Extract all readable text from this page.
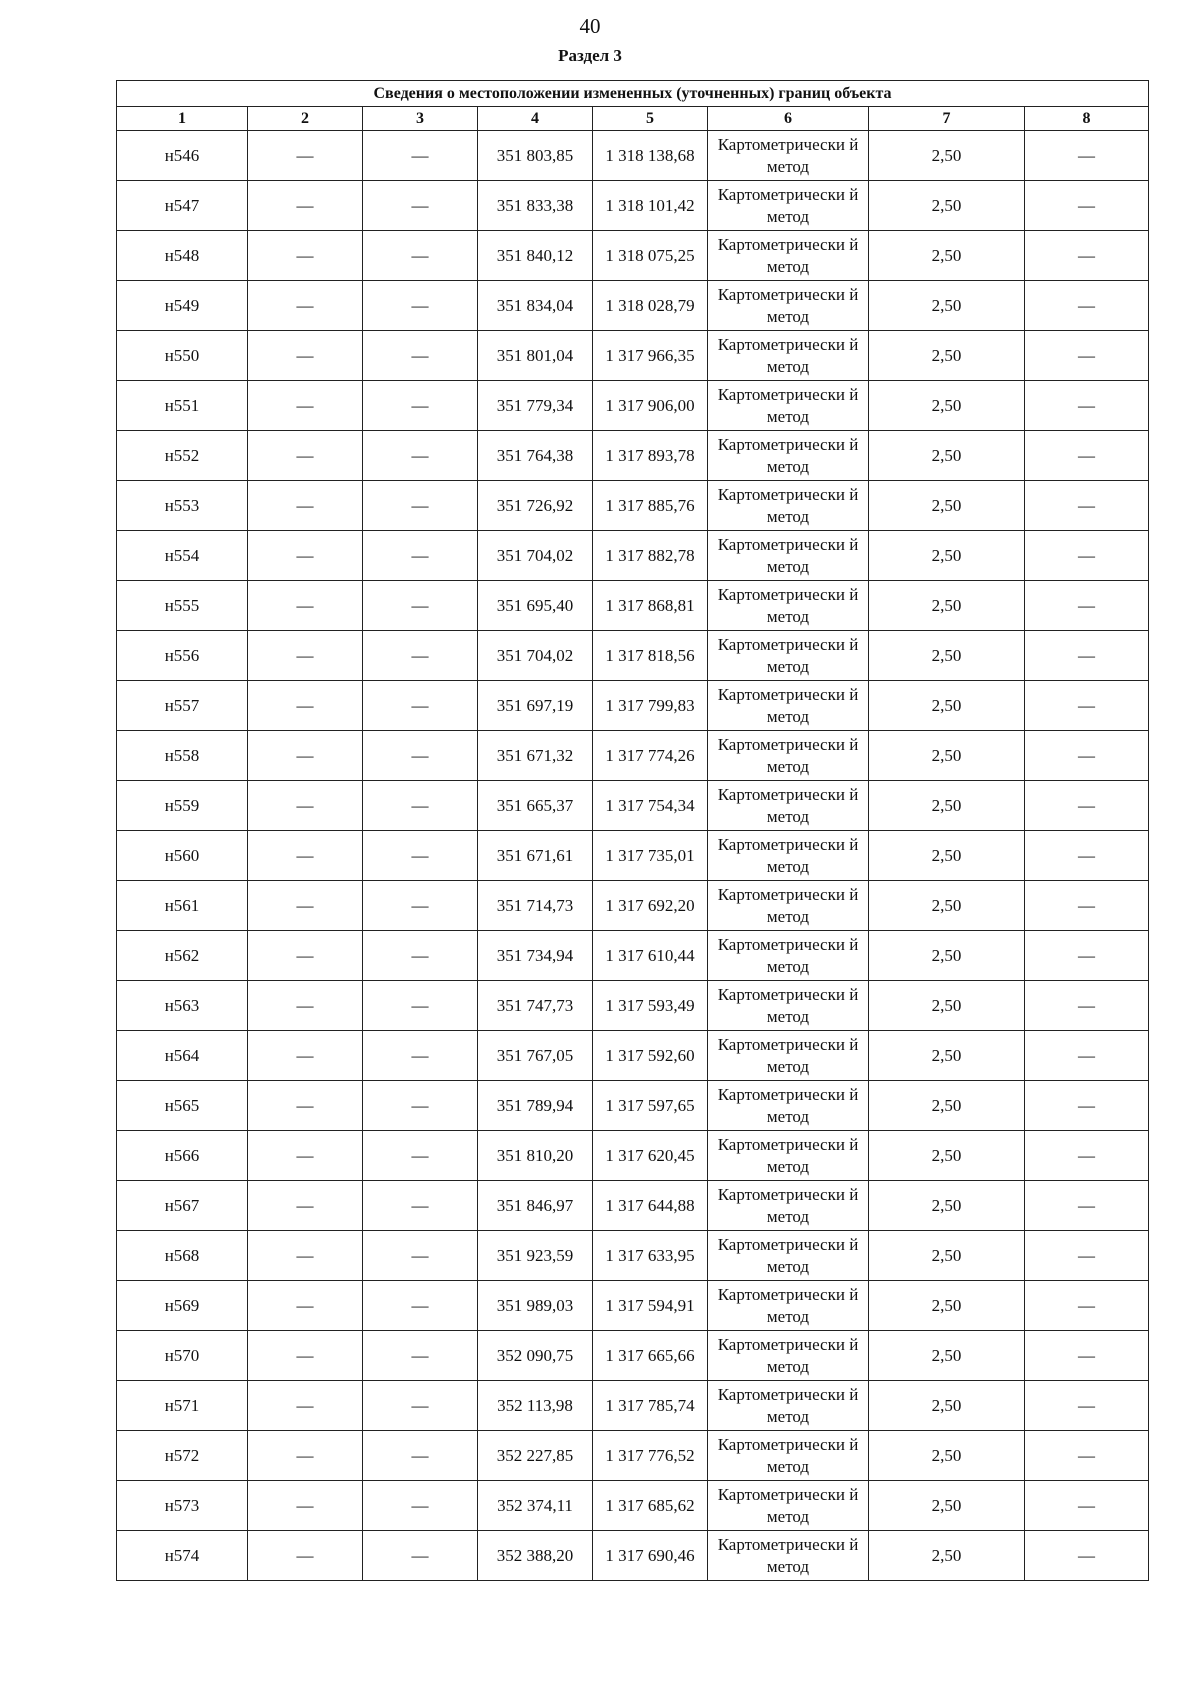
40
Раздел 3
Сведения о местоположении измененных (уточненных) границ объекта							
1	2	3	4	5	6	7	8
н546	—	—	351 803,85	1 318 138,68	Картометрически й метод	2,50	—
н547	—	—	351 833,38	1 318 101,42	Картометрически й метод	2,50	—
н548	—	—	351 840,12	1 318 075,25	Картометрически й метод	2,50	—
н549	—	—	351 834,04	1 318 028,79	Картометрически й метод	2,50	—
н550	—	—	351 801,04	1 317 966,35	Картометрически й метод	2,50	—
н551	—	—	351 779,34	1 317 906,00	Картометрически й метод	2,50	—
н552	—	—	351 764,38	1 317 893,78	Картометрически й метод	2,50	—
н553	—	—	351 726,92	1 317 885,76	Картометрически й метод	2,50	—
н554	—	—	351 704,02	1 317 882,78	Картометрически й метод	2,50	—
н555	—	—	351 695,40	1 317 868,81	Картометрически й метод	2,50	—
н556	—	—	351 704,02	1 317 818,56	Картометрически й метод	2,50	—
н557	—	—	351 697,19	1 317 799,83	Картометрически й метод	2,50	—
н558	—	—	351 671,32	1 317 774,26	Картометрически й метод	2,50	—
н559	—	—	351 665,37	1 317 754,34	Картометрически й метод	2,50	—
н560	—	—	351 671,61	1 317 735,01	Картометрически й метод	2,50	—
н561	—	—	351 714,73	1 317 692,20	Картометрически й метод	2,50	—
н562	—	—	351 734,94	1 317 610,44	Картометрически й метод	2,50	—
н563	—	—	351 747,73	1 317 593,49	Картометрически й метод	2,50	—
н564	—	—	351 767,05	1 317 592,60	Картометрически й метод	2,50	—
н565	—	—	351 789,94	1 317 597,65	Картометрически й метод	2,50	—
н566	—	—	351 810,20	1 317 620,45	Картометрически й метод	2,50	—
н567	—	—	351 846,97	1 317 644,88	Картометрически й метод	2,50	—
н568	—	—	351 923,59	1 317 633,95	Картометрически й метод	2,50	—
н569	—	—	351 989,03	1 317 594,91	Картометрически й метод	2,50	—
н570	—	—	352 090,75	1 317 665,66	Картометрически й метод	2,50	—
н571	—	—	352 113,98	1 317 785,74	Картометрически й метод	2,50	—
н572	—	—	352 227,85	1 317 776,52	Картометрически й метод	2,50	—
н573	—	—	352 374,11	1 317 685,62	Картометрически й метод	2,50	—
н574	—	—	352 388,20	1 317 690,46	Картометрически й метод	2,50	—
